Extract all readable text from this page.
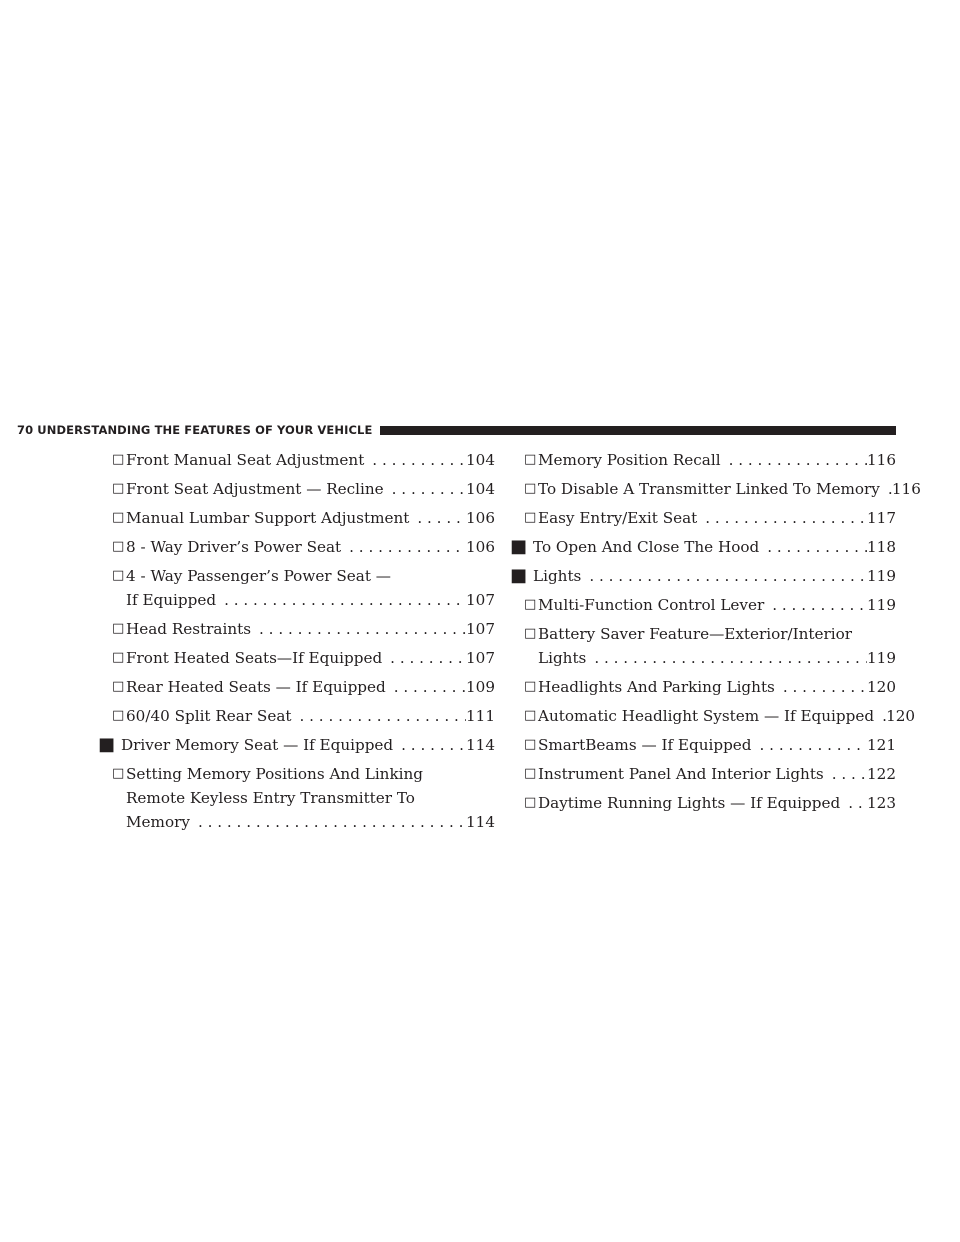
70 UNDERSTANDING THE FEATURES OF YOUR VEHICLE
□ Front Manual Seat Adjustment . . .	104
□ Front Seat Adjustment — Recline . . .	104
□ Manual Lumbar Support Adjustment . . .	106
□ 8 - Way Driver’s Power Seat . . .	106
□ 4 - Way Passenger’s Power Seat —
If Equipped . . .	107
□ Head Restraints . . .	107
□ Front Heated Seats—If Equipped . . .	107
□ Rear Heated Seats — If Equipped . . .	109
□ 60/40 Split Rear Seat . . .	111
■ Driver Memory Seat — If Equipped . . .	114
□ Setting Memory Positions And Linking
Remote Keyless Entry Transmitter To
Memory . . .	114
□ Memory Position Recall . . .	116
□ To Disable A Transmitter Linked To Memory . . . 116
□ Easy Entry/Exit Seat . . .	117
■ To Open And Close The Hood . . .	118
■ Lights . . .	119
□ Multi-Function Control Lever . . .	119
□ Battery Saver Feature—Exterior/Interior
Lights . . .	119
□ Headlights And Parking Lights . . .	120
□ Automatic Headlight System — If Equipped . . . 120
□ SmartBeams — If Equipped . . .	121
□ Instrument Panel And Interior Lights . . .	122
□ Daytime Running Lights — If Equipped . . . 123
